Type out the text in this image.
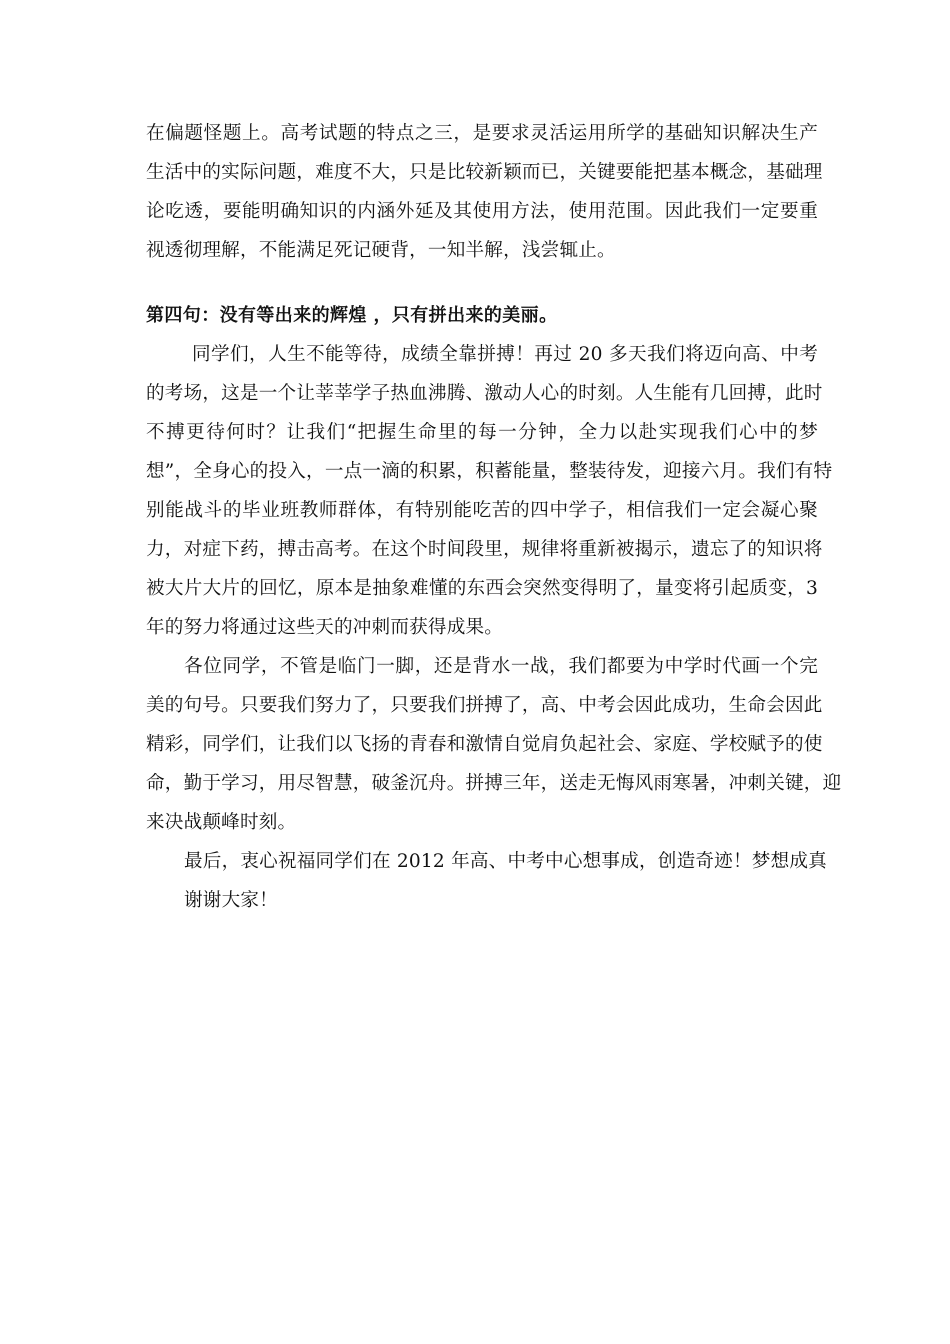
在偏题怪题上。高考试题的特点之三，是要求灵活运用所学的基础知识解决生产
生活中的实际问题，难度不大，只是比较新颖而已，关键要能把基本概念，基础理
论吃透，要能明确知识的内涵外延及其使用方法，使用范围。因此我们一定要重
视透彻理解，不能满足死记硬背，一知半解，浅尝辄止。
第四句：没有等出来的辉煌 ，只有拼出来的美丽。
同学们，人生不能等待，成绩全靠拼搏！再过 20 多天我们将迈向高、中考
的考场，这是一个让莘莘学子热血沸腾、激动人心的时刻。人生能有几回搏，此时
不搏更待何时？让我们“把握生命里的每一分钟，全力以赴实现我们心中的梦
想”，全身心的投入，一点一滴的积累，积蓄能量，整装待发，迎接六月。我们有特
别能战斗的毕业班教师群体，有特别能吃苦的四中学子，相信我们一定会凝心聚
力，对症下药，搏击高考。在这个时间段里，规律将重新被揭示，遗忘了的知识将
被大片大片的回忆，原本是抽象难懂的东西会突然变得明了，量变将引起质变，3
年的努力将通过这些天的冲刺而获得成果。
各位同学，不管是临门一脚，还是背水一战，我们都要为中学时代画一个完
美的句号。只要我们努力了，只要我们拼搏了，高、中考会因此成功，生命会因此
精彩，同学们，让我们以飞扬的青春和激情自觉肩负起社会、家庭、学校赋予的使
命，勤于学习，用尽智慧，破釜沉舟。拼搏三年，送走无悔风雨寒暑，冲刺关键，迎
来决战颠峰时刻。
最后，衷心祝福同学们在 2012 年高、中考中心想事成，创造奇迹！梦想成真
谢谢大家！
